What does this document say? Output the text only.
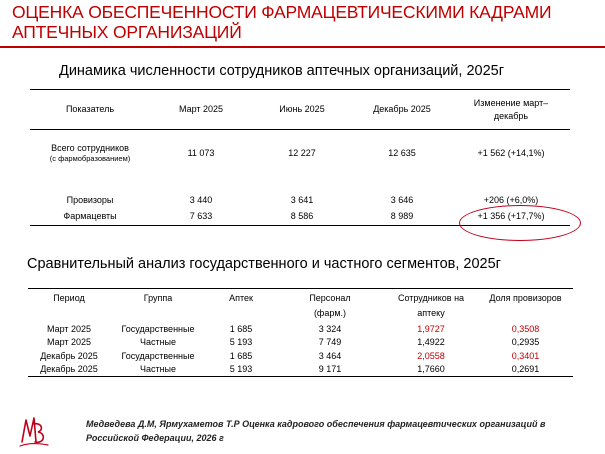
ОЦЕНКА ОБЕСПЕЧЕННОСТИ ФАРМАЦЕВТИЧЕСКИМИ КАДРАМИ АПТЕЧНЫХ ОРГАНИЗАЦИЙ
Динамика численности сотрудников аптечных организаций, 2025г
Показатель	Март 2025	Июнь 2025	Декабрь 2025	Изменение март–декабрь
Всего сотрудников
(с фармобразованием)	11 073	12 227	12 635	+1 562 (+14,1%)
Провизоры	3 440	3 641	3 646	+206 (+6,0%)
Фармацевты	7 633	8 586	8 989	+1 356 (+17,7%)
Сравнительный анализ государственного и частного сегментов, 2025г
Период	Группа	Аптек	Персонал (фарм.)	Сотрудников на аптеку	Доля провизоров
Март 2025	Государственные	1 685	3 324	1,9727	0,3508
Март 2025	Частные	5 193	7 749	1,4922	0,2935
Декабрь 2025	Государственные	1 685	3 464	2,0558	0,3401
Декабрь 2025	Частные	5 193	9 171	1,7660	0,2691
Медведева Д.М, Ярмухаметов Т.Р Оценка кадрового обеспечения фармацевтических организаций в Российской Федерации, 2026 г
